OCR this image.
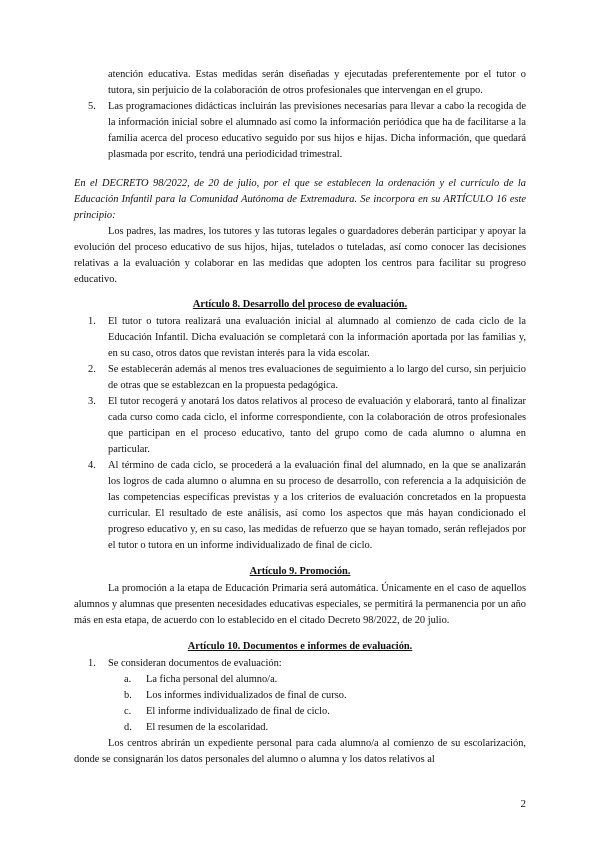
atención educativa. Estas medidas serán diseñadas y ejecutadas preferentemente por el tutor o tutora, sin perjuicio de la colaboración de otros profesionales que intervengan en el grupo.

5. Las programaciones didácticas incluirán las previsiones necesarias para llevar a cabo la recogida de la información inicial sobre el alumnado así como la información periódica que ha de facilitarse a la familia acerca del proceso educativo seguido por sus hijos e hijas. Dicha información, que quedará plasmada por escrito, tendrá una periodicidad trimestral.

En el DECRETO 98/2022, de 20 de julio, por el que se establecen la ordenación y el currículo de la Educación Infantil para la Comunidad Autónoma de Extremadura. Se incorpora en su ARTÍCULO 16 este principio:

Los padres, las madres, los tutores y las tutoras legales o guardadores deberán participar y apoyar la evolución del proceso educativo de sus hijos, hijas, tutelados o tuteladas, así como conocer las decisiones relativas a la evaluación y colaborar en las medidas que adopten los centros para facilitar su progreso educativo.

Artículo 8. Desarrollo del proceso de evaluación.
1. El tutor o tutora realizará una evaluación inicial al alumnado al comienzo de cada ciclo de la Educación Infantil. Dicha evaluación se completará con la información aportada por las familias y, en su caso, otros datos que revistan interés para la vida escolar.
2. Se establecerán además al menos tres evaluaciones de seguimiento a lo largo del curso, sin perjuicio de otras que se establezcan en la propuesta pedagógica.
3. El tutor recogerá y anotará los datos relativos al proceso de evaluación y elaborará, tanto al finalizar cada curso como cada ciclo, el informe correspondiente, con la colaboración de otros profesionales que participan en el proceso educativo, tanto del grupo como de cada alumno o alumna en particular.
4. Al término de cada ciclo, se procederá a la evaluación final del alumnado, en la que se analizarán los logros de cada alumno o alumna en su proceso de desarrollo, con referencia a la adquisición de las competencias específicas previstas y a los criterios de evaluación concretados en la propuesta curricular. El resultado de este análisis, así como los aspectos que más hayan condicionado el progreso educativo y, en su caso, las medidas de refuerzo que se hayan tomado, serán reflejados por el tutor o tutora en un informe individualizado de final de ciclo.
Artículo 9. Promoción.

La promoción a la etapa de Educación Primaria será automática. Únicamente en el caso de aquellos alumnos y alumnas que presenten necesidades educativas especiales, se permitirá la permanencia por un año más en esta etapa, de acuerdo con lo establecido en el citado Decreto 98/2022, de 20 julio.

Artículo 10. Documentos e informes de evaluación.
1. Se consideran documentos de evaluación:
a. La ficha personal del alumno/a.
b. Los informes individualizados de final de curso.
c. El informe individualizado de final de ciclo.
d. El resumen de la escolaridad.

Los centros abrirán un expediente personal para cada alumno/a al comienzo de su escolarización, donde se consignarán los datos personales del alumno o alumna y los datos relativos al

2
